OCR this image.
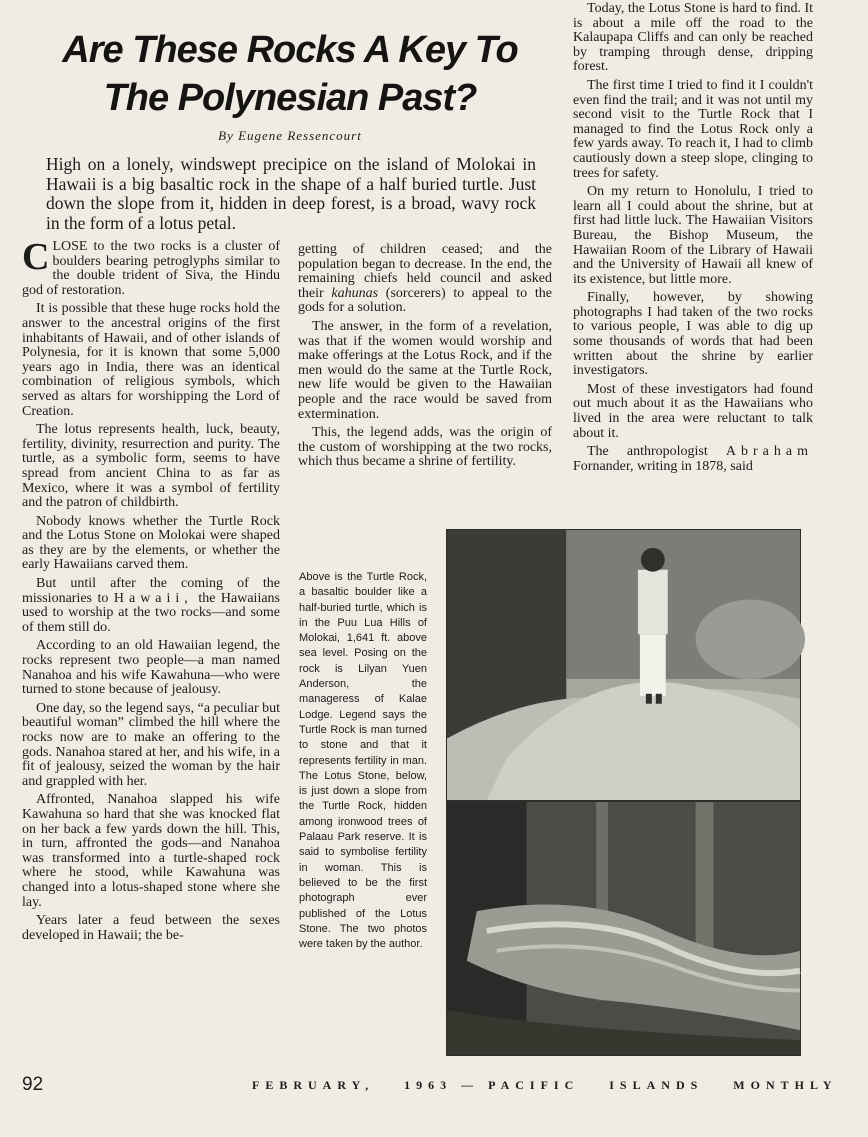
Are These Rocks A Key To The Polynesian Past?
By Eugene Ressencourt

High on a lonely, windswept precipice on the island of Molokai in Hawaii is a big basaltic rock in the shape of a half buried turtle. Just down the slope from it, hidden in deep forest, is a broad, wavy rock in the form of a lotus petal.

CLOSE to the two rocks is a cluster of boulders bearing petroglyphs similar to the double trident of Siva, the Hindu god of restoration.

It is possible that these huge rocks hold the answer to the ancestral origins of the first inhabitants of Hawaii, and of other islands of Polynesia, for it is known that some 5,000 years ago in India, there was an identical combination of religious symbols, which served as altars for worshipping the Lord of Creation.

The lotus represents health, luck, beauty, fertility, divinity, resurrection and purity. The turtle, as a symbolic form, seems to have spread from ancient China to as far as Mexico, where it was a symbol of fertility and the patron of childbirth.

Nobody knows whether the Turtle Rock and the Lotus Stone on Molokai were shaped as they are by the elements, or whether the early Hawaiians carved them.

But until after the coming of the missionaries to Hawaii, the Hawaiians used to worship at the two rocks—and some of them still do.

According to an old Hawaiian legend, the rocks represent two people—a man named Nanahoa and his wife Kawahuna—who were turned to stone because of jealousy.

One day, so the legend says, “a peculiar but beautiful woman” climbed the hill where the rocks now are to make an offering to the gods. Nanahoa stared at her, and his wife, in a fit of jealousy, seized the woman by the hair and grappled with her.

Affronted, Nanahoa slapped his wife Kawahuna so hard that she was knocked flat on her back a few yards down the hill. This, in turn, affronted the gods—and Nanahoa was transformed into a turtle-shaped rock where he stood, while Kawahuna was changed into a lotus-shaped stone where she lay.

Years later a feud between the sexes developed in Hawaii; the be-

getting of children ceased; and the population began to decrease. In the end, the remaining chiefs held council and asked their kahunas (sorcerers) to appeal to the gods for a solution.

The answer, in the form of a revelation, was that if the women would worship and make offerings at the Lotus Rock, and if the men would do the same at the Turtle Rock, new life would be given to the Hawaiian people and the race would be saved from extermination.

This, the legend adds, was the origin of the custom of worshipping at the two rocks, which thus became a shrine of fertility.

Today, the Lotus Stone is hard to find. It is about a mile off the road to the Kalaupapa Cliffs and can only be reached by tramping through dense, dripping forest.

The first time I tried to find it I couldn't even find the trail; and it was not until my second visit to the Turtle Rock that I managed to find the Lotus Rock only a few yards away. To reach it, I had to climb cautiously down a steep slope, clinging to trees for safety.

On my return to Honolulu, I tried to learn all I could about the shrine, but at first had little luck. The Hawaiian Visitors Bureau, the Bishop Museum, the Hawaiian Room of the Library of Hawaii and the University of Hawaii all knew of its existence, but little more.

Finally, however, by showing photographs I had taken of the two rocks to various people, I was able to dig up some thousands of words that had been written about the shrine by earlier investigators.

Most of these investigators had found out much about it as the Hawaiians who lived in the area were reluctant to talk about it.

The anthropologist Abraham Fornander, writing in 1878, said

Above is the Turtle Rock, a basaltic boulder like a half-buried turtle, which is in the Puu Lua Hills of Molokai, 1,641 ft. above sea level. Posing on the rock is Lilyan Yuen Anderson, the manageress of Kalae Lodge. Legend says the Turtle Rock is man turned to stone and that it represents fertility in man. The Lotus Stone, below, is just down a slope from the Turtle Rock, hidden among ironwood trees of Palaau Park reserve. It is said to symbolise fertility in woman. This is believed to be the first photograph ever published of the Lotus Stone. The two photos were taken by the author.

92	FEBRUARY,	1963 — PACIFIC	ISLANDS	MONTHLY
